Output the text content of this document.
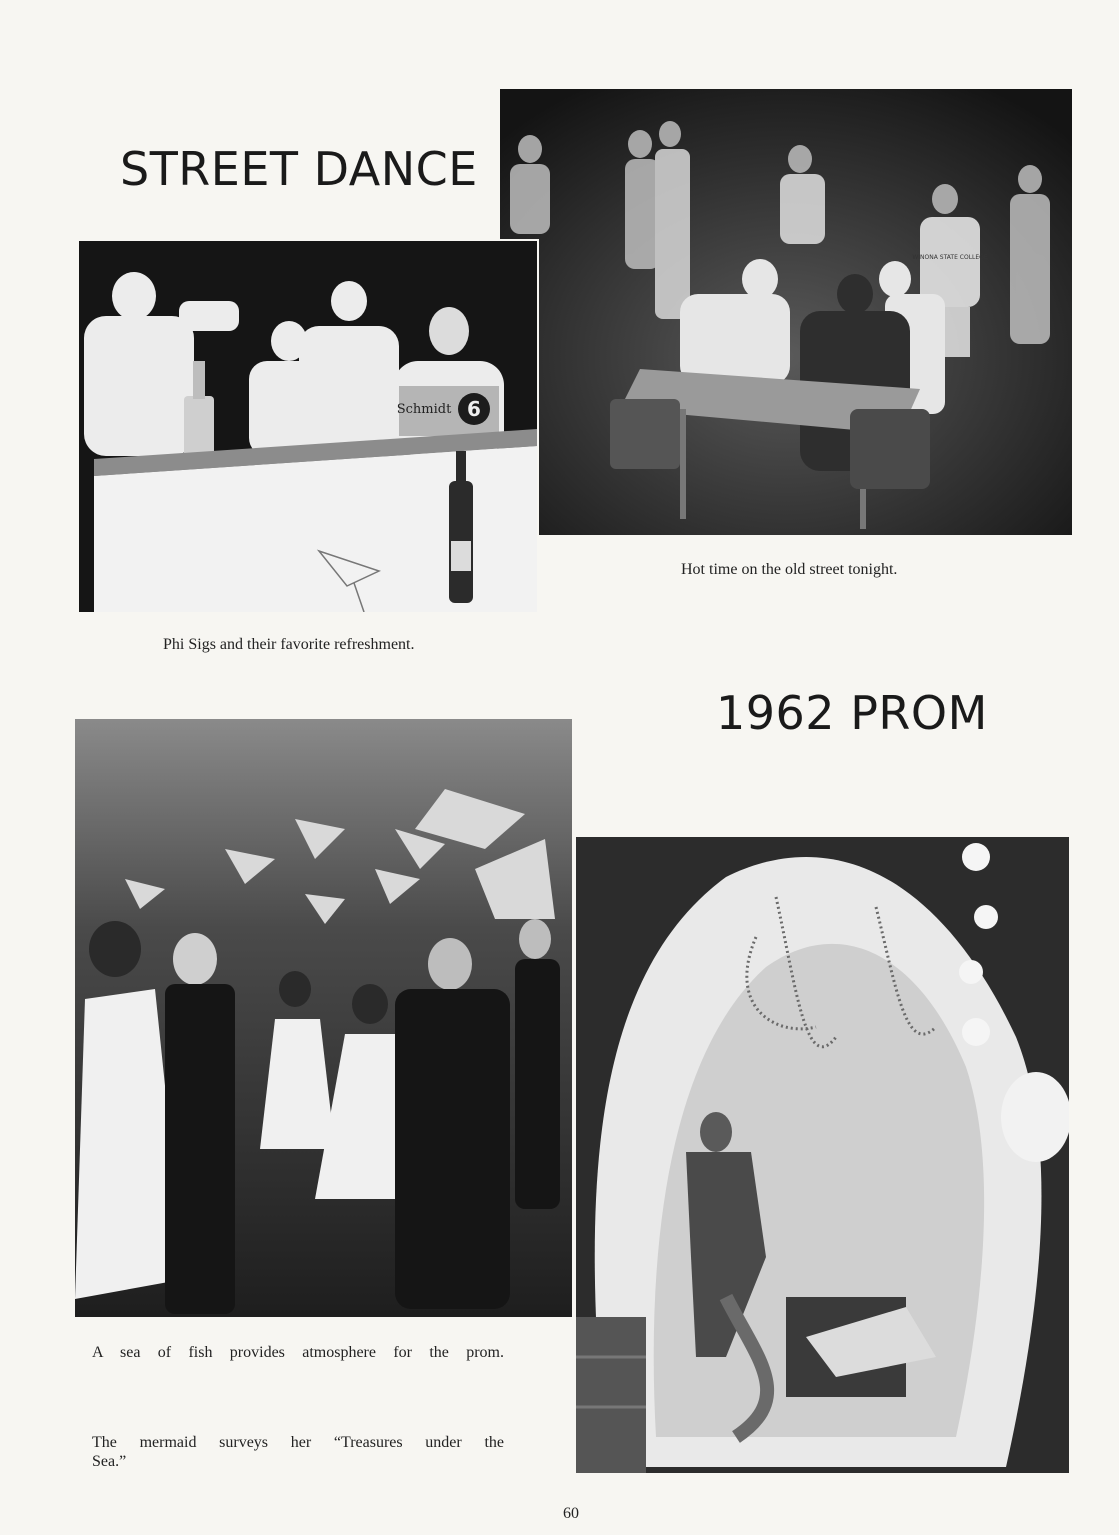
STREET DANCE
WINONA STATE COLLEGE
Schmidt 6

Hot time on the old street tonight.

Phi Sigs and their favorite refreshment.

1962 PROM

A sea of fish provides atmosphere for the prom.

The mermaid surveys her “Treasures under the

Sea.”

60
